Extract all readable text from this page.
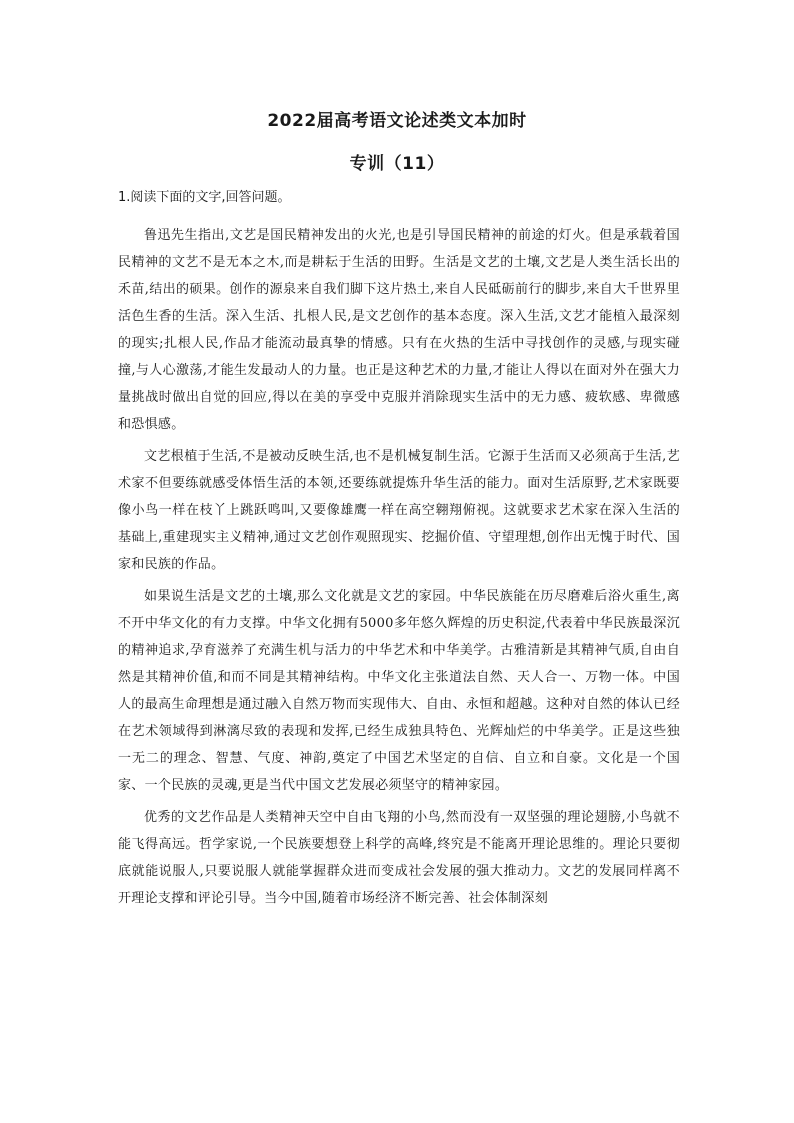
2022届高考语文论述类文本加时
专训（11）
1.阅读下面的文字,回答问题。

鲁迅先生指出,文艺是国民精神发出的火光,也是引导国民精神的前途的灯火。但是承载着国民精神的文艺不是无本之木,而是耕耘于生活的田野。生活是文艺的土壤,文艺是人类生活长出的禾苗,结出的硕果。创作的源泉来自我们脚下这片热土,来自人民砥砺前行的脚步,来自大千世界里活色生香的生活。深入生活、扎根人民,是文艺创作的基本态度。深入生活,文艺才能植入最深刻的现实;扎根人民,作品才能流动最真挚的情感。只有在火热的生活中寻找创作的灵感,与现实碰撞,与人心激荡,才能生发最动人的力量。也正是这种艺术的力量,才能让人得以在面对外在强大力量挑战时做出自觉的回应,得以在美的享受中克服并消除现实生活中的无力感、疲软感、卑微感和恐惧感。

文艺根植于生活,不是被动反映生活,也不是机械复制生活。它源于生活而又必须高于生活,艺术家不但要练就感受体悟生活的本领,还要练就提炼升华生活的能力。面对生活原野,艺术家既要像小鸟一样在枝丫上跳跃鸣叫,又要像雄鹰一样在高空翱翔俯视。这就要求艺术家在深入生活的基础上,重建现实主义精神,通过文艺创作观照现实、挖掘价值、守望理想,创作出无愧于时代、国家和民族的作品。

如果说生活是文艺的土壤,那么文化就是文艺的家园。中华民族能在历尽磨难后浴火重生,离不开中华文化的有力支撑。中华文化拥有5000多年悠久辉煌的历史积淀,代表着中华民族最深沉的精神追求,孕育滋养了充满生机与活力的中华艺术和中华美学。古雅清新是其精神气质,自由自然是其精神价值,和而不同是其精神结构。中华文化主张道法自然、天人合一、万物一体。中国人的最高生命理想是通过融入自然万物而实现伟大、自由、永恒和超越。这种对自然的体认已经在艺术领域得到淋漓尽致的表现和发挥,已经生成独具特色、光辉灿烂的中华美学。正是这些独一无二的理念、智慧、气度、神韵,奠定了中国艺术坚定的自信、自立和自豪。文化是一个国家、一个民族的灵魂,更是当代中国文艺发展必须坚守的精神家园。

优秀的文艺作品是人类精神天空中自由飞翔的小鸟,然而没有一双坚强的理论翅膀,小鸟就不能飞得高远。哲学家说,一个民族要想登上科学的高峰,终究是不能离开理论思维的。理论只要彻底就能说服人,只要说服人就能掌握群众进而变成社会发展的强大推动力。文艺的发展同样离不开理论支撑和评论引导。当今中国,随着市场经济不断完善、社会体制深刻
